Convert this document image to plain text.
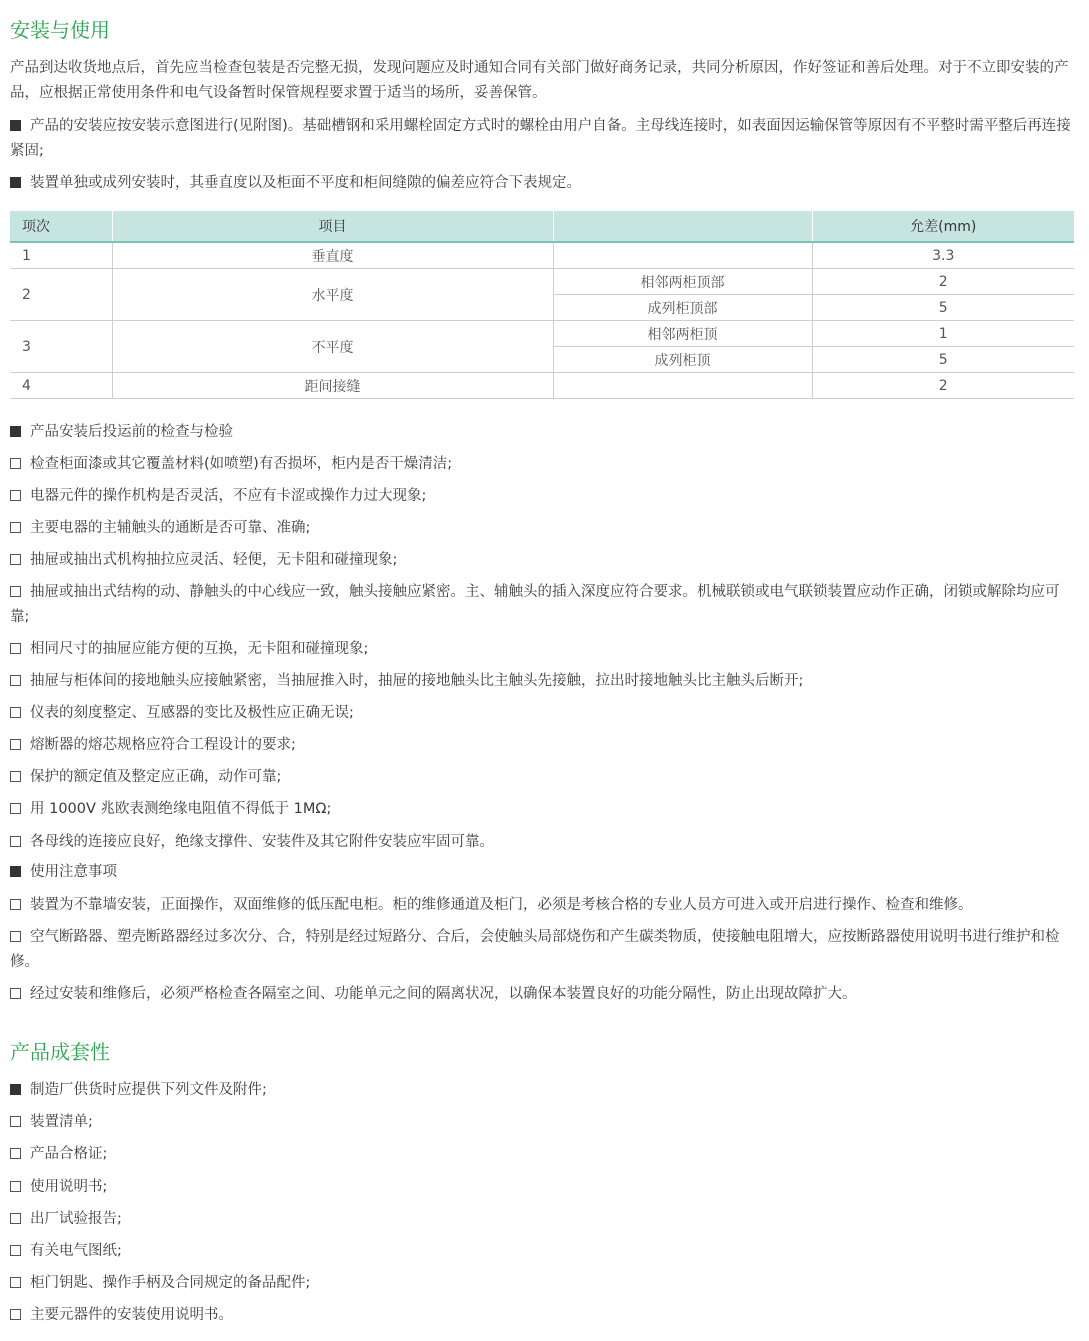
安装与使用
产品到达收货地点后，首先应当检查包装是否完整无损，发现问题应及时通知合同有关部门做好商务记录，共同分析原因，作好签证和善后处理。对于不立即安装的产品，应根据正常使用条件和电气设备暂时保管规程要求置于适当的场所，妥善保管。
产品的安装应按安装示意图进行(见附图)。基础槽钢和采用螺栓固定方式时的螺栓由用户自备。主母线连接时，如表面因运输保管等原因有不平整时需平整后再连接紧固;
装置单独或成列安装时，其垂直度以及柜面不平度和柜间缝隙的偏差应符合下表规定。
项次	项目		允差(mm)
1	垂直度		3.3
2	水平度	相邻两柜顶部	2
		成列柜顶部	5
3	不平度	相邻两柜顶	1
		成列柜顶	5
4	距间接缝		2
产品安装后投运前的检查与检验
检查柜面漆或其它覆盖材料(如喷塑)有否损坏，柜内是否干燥清洁;
电器元件的操作机构是否灵活，不应有卡涩或操作力过大现象;
主要电器的主辅触头的通断是否可靠、准确;
抽屉或抽出式机构抽拉应灵活、轻便，无卡阻和碰撞现象;
抽屉或抽出式结构的动、静触头的中心线应一致，触头接触应紧密。主、辅触头的插入深度应符合要求。机械联锁或电气联锁装置应动作正确，闭锁或解除均应可靠;
相同尺寸的抽屉应能方便的互换，无卡阻和碰撞现象;
抽屉与柜体间的接地触头应接触紧密，当抽屉推入时，抽屉的接地触头比主触头先接触，拉出时接地触头比主触头后断开;
仪表的刻度整定、互感器的变比及极性应正确无误;
熔断器的熔芯规格应符合工程设计的要求;
保护的额定值及整定应正确，动作可靠;
用 1000V 兆欧表测绝缘电阻值不得低于 1MΩ;
各母线的连接应良好，绝缘支撑件、安装件及其它附件安装应牢固可靠。
使用注意事项
装置为不靠墙安装，正面操作，双面维修的低压配电柜。柜的维修通道及柜门，必须是考核合格的专业人员方可进入或开启进行操作、检查和维修。
空气断路器、塑壳断路器经过多次分、合，特别是经过短路分、合后，会使触头局部烧伤和产生碳类物质，使接触电阻增大，应按断路器使用说明书进行维护和检修。
经过安装和维修后，必须严格检查各隔室之间、功能单元之间的隔离状况，以确保本装置良好的功能分隔性，防止出现故障扩大。
产品成套性
制造厂供货时应提供下列文件及附件;
装置清单;
产品合格证;
使用说明书;
出厂试验报告;
有关电气图纸;
柜门钥匙、操作手柄及合同规定的备品配件;
主要元器件的安装使用说明书。
